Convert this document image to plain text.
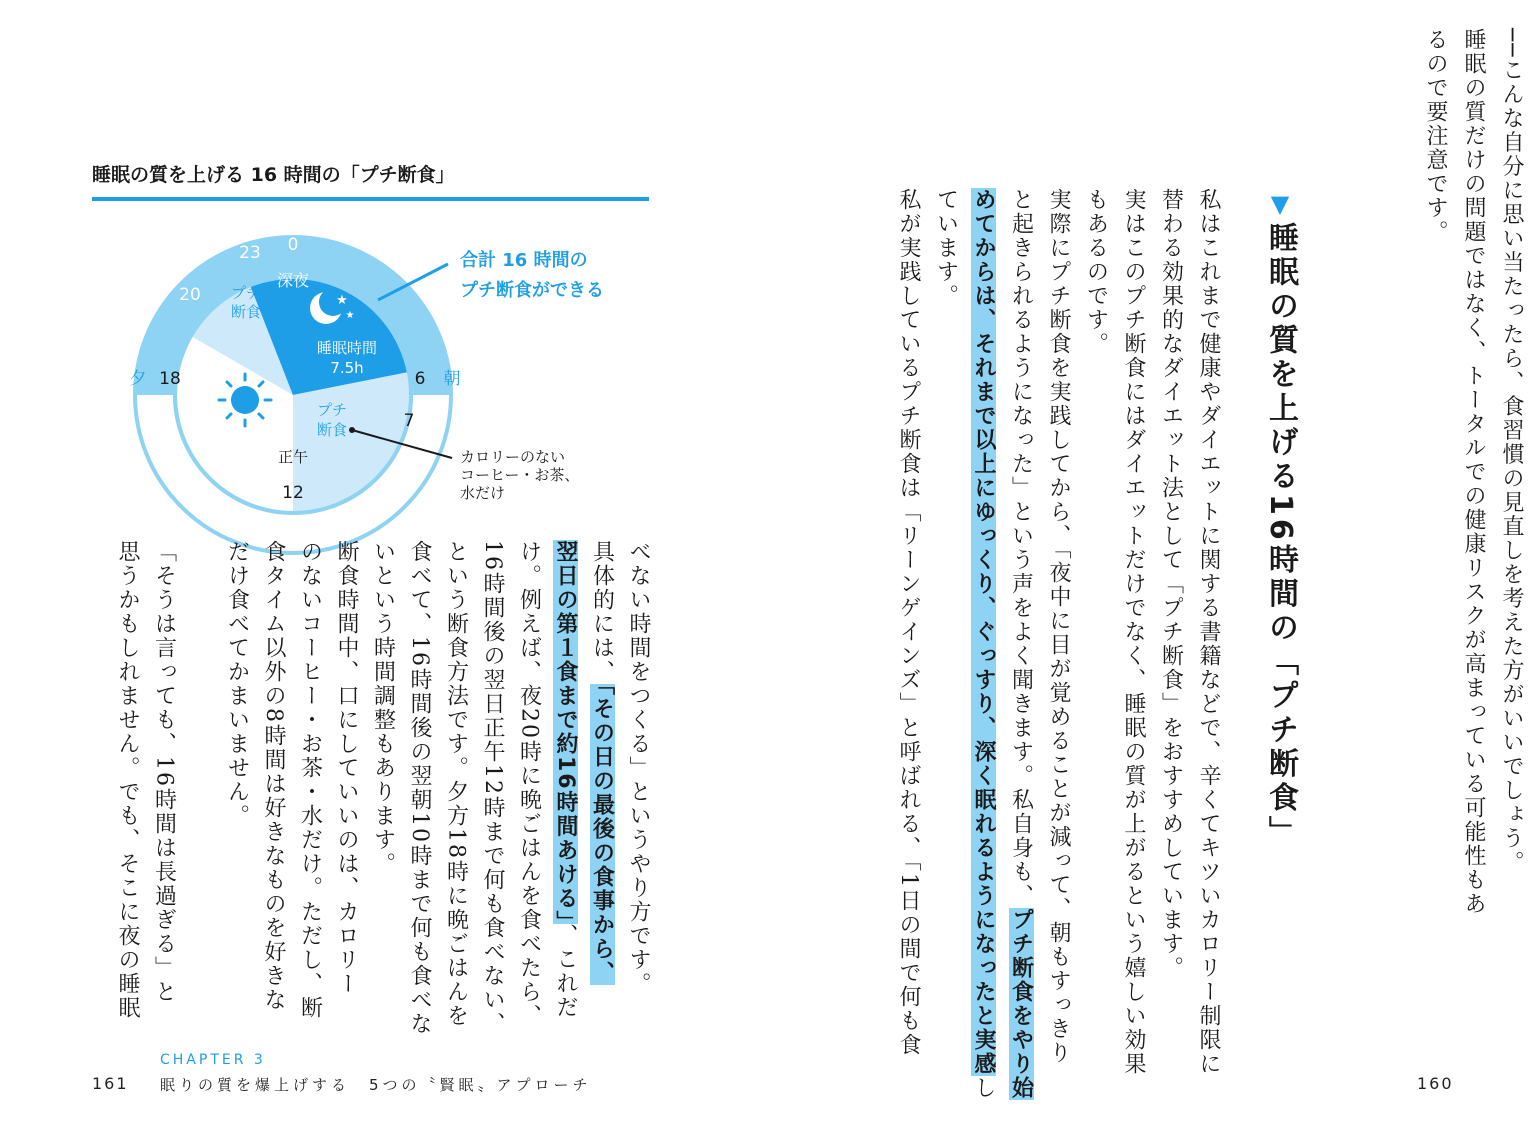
睡眠の質を上げる 16 時間の「プチ断食」
0
23
20
18	6
7
12
夕	朝
深夜
プチ
断食
睡眠時間
7.5h
プチ
断食
正午
★
★
合計 16 時間の
プチ断食ができる
カロリーのない
コーヒー・お茶、
水だけ
べない時間をつくる」というやり方です。
具体的には、「その日の最後の食事から、
翌日の第１食まで約16時間あける」、これだ
け。例えば、夜20時に晩ごはんを食べたら、
16時間後の翌日正午12時まで何も食べない、
という断食方法です。夕方18時に晩ごはんを
食べて、16時間後の翌朝10時まで何も食べな
いという時間調整もあります。
断食時間中、口にしていいのは、カロリー
のないコーヒー・お茶・水だけ。ただし、断
食タイム以外の8時間は好きなものを好きな
だけ食べてかまいません。
「そうは言っても、16時間は長過ぎる」と
思うかもしれません。でも、そこに夜の睡眠
CHAPTER 3
161 眠りの質を爆上げする　5つの〝賢眠〟アプローチ
るので要注意です。 睡眠の質だけの問題ではなく、トータルでの健康リスクが高まっている可能性もあ ──こんな自分に思い当たったら、食習慣の見直しを考えた方がいいでしょう。
▼睡眠の質を上げる16時間の「プチ断食」
私はこれまで健康やダイエットに関する書籍などで、辛くてキツいカロリー制限に
替わる効果的なダイエット法として「プチ断食」をおすすめしています。
実はこのプチ断食にはダイエットだけでなく、睡眠の質が上がるという嬉しい効果
もあるのです。
実際にプチ断食を実践してから、「夜中に目が覚めることが減って、朝もすっきり
と起きられるようになった」という声をよく聞きます。私自身も、プチ断食をやり始
めてからは、それまで以上にゆっくり、ぐっすり、深く眠れるようになったと実感し
ています。
私が実践しているプチ断食は「リーンゲインズ」と呼ばれる、「1日の間で何も食
160
